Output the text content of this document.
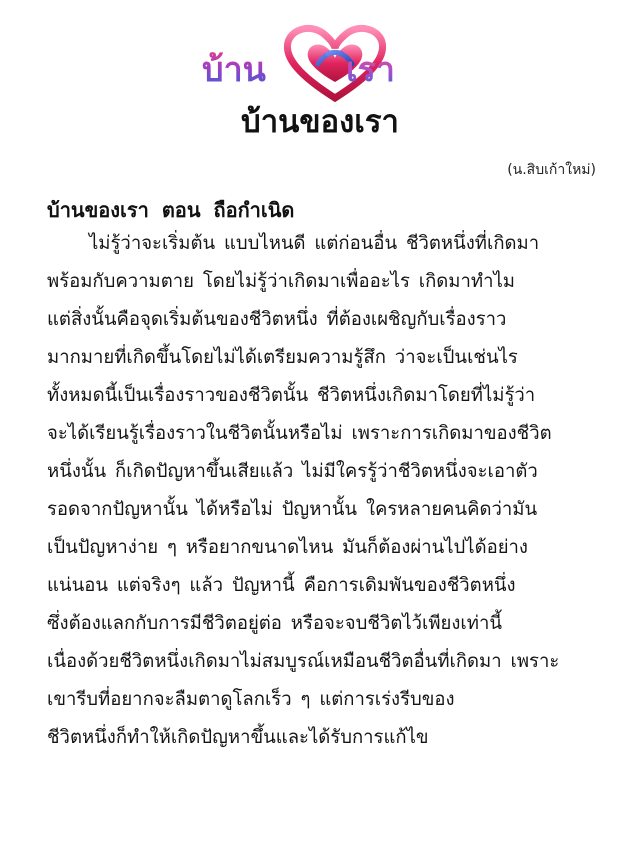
บ้าน เรา
บ้านของเรา
(น.สิบเก้าใหม่)
บ้านของเรา ตอน ถือกำเนิด
ไม่รู้ว่าจะเริ่มต้น แบบไหนดี แต่ก่อนอื่น ชีวิตหนึ่งที่เกิดมา
พร้อมกับความตาย โดยไม่รู้ว่าเกิดมาเพื่ออะไร เกิดมาทำไม
แต่สิ่งนั้นคือจุดเริ่มต้นของชีวิตหนึ่ง ที่ต้องเผชิญกับเรื่องราว
มากมายที่เกิดขึ้นโดยไม่ได้เตรียมความรู้สึก ว่าจะเป็นเช่นไร
ทั้งหมดนี้เป็นเรื่องราวของชีวิตนั้น ชีวิตหนึ่งเกิดมาโดยที่ไม่รู้ว่า
จะได้เรียนรู้เรื่องราวในชีวิตนั้นหรือไม่ เพราะการเกิดมาของชีวิต
หนึ่งนั้น ก็เกิดปัญหาขึ้นเสียแล้ว ไม่มีใครรู้ว่าชีวิตหนึ่งจะเอาตัว
รอดจากปัญหานั้น ได้หรือไม่ ปัญหานั้น ใครหลายคนคิดว่ามัน
เป็นปัญหาง่าย ๆ หรือยากขนาดไหน มันก็ต้องผ่านไปได้อย่าง
แน่นอน แต่จริงๆ แล้ว ปัญหานี้ คือการเดิมพันของชีวิตหนึ่ง
ซึ่งต้องแลกกับการมีชีวิตอยู่ต่อ หรือจะจบชีวิตไว้เพียงเท่านี้
เนื่องด้วยชีวิตหนึ่งเกิดมาไม่สมบูรณ์เหมือนชีวิตอื่นที่เกิดมา เพราะ
เขารีบที่อยากจะลืมตาดูโลกเร็ว ๆ แต่การเร่งรีบของ
ชีวิตหนึ่งก็ทำให้เกิดปัญหาขึ้นและได้รับการแก้ไข
